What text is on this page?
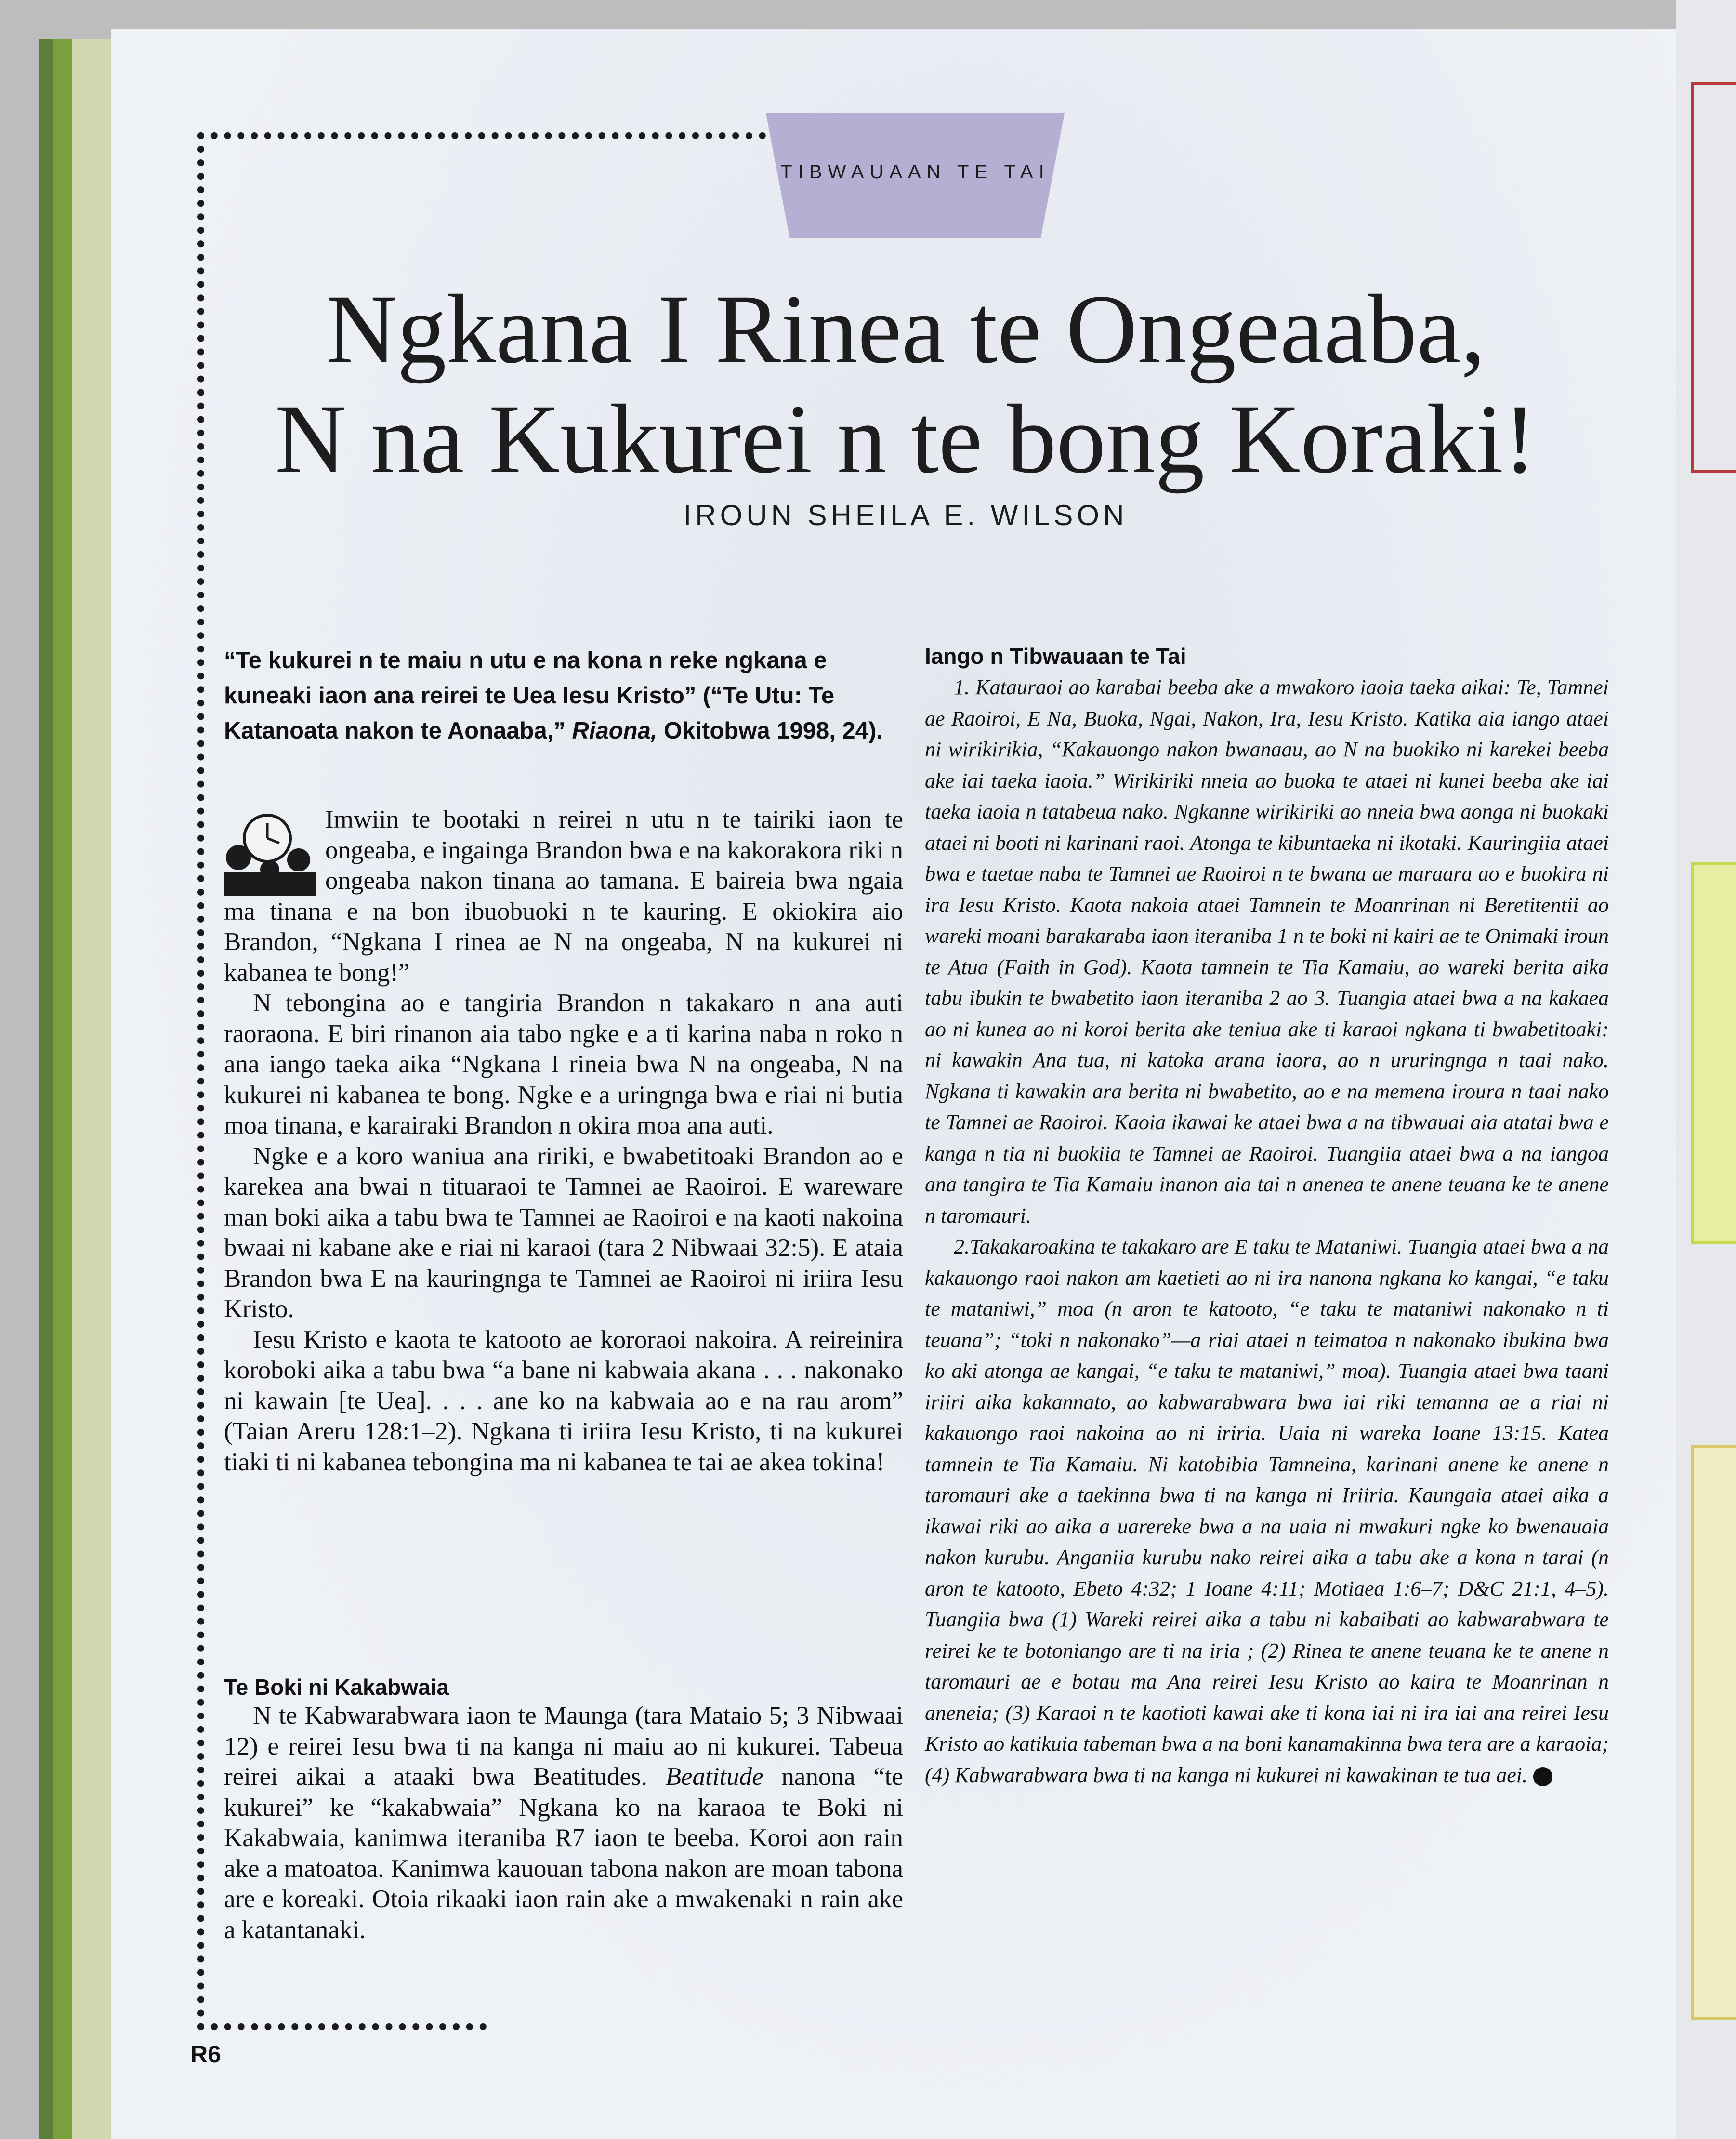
TIBWAUAAN TE TAI
Ngkana I Rinea te Ongeaaba,
N na Kukurei n te bong Koraki!
IROUN SHEILA E. WILSON

“Te kukurei n te maiu n utu e na kona n reke ngkana e kuneaki iaon ana reirei te Uea Iesu Kristo” (“Te Utu: Te Katanoata nakon te Aonaaba,” Riaona, Okitobwa 1998, 24).

Imwiin te bootaki n reirei n utu n te tairiki iaon te ongeaba, e ingainga Brandon bwa e na kakorakora riki n ongeaba nakon tinana ao tamana. E baireia bwa ngaia ma tinana e na bon ibuobuoki n te kauring. E okiokira aio Brandon, “Ngkana I rinea ae N na ongeaba, N na kukurei ni kabanea te bong!”

N tebongina ao e tangiria Brandon n takakaro n ana auti raoraona. E biri rinanon aia tabo ngke e a ti karina naba n roko n ana iango taeka aika “Ngkana I rineia bwa N na ongeaba, N na kukurei ni kabanea te bong. Ngke e a uringnga bwa e riai ni butia moa tinana, e karairaki Brandon n okira moa ana auti.

Ngke e a koro waniua ana ririki, e bwabetitoaki Brandon ao e karekea ana bwai n tituaraoi te Tamnei ae Raoiroi. E wareware man boki aika a tabu bwa te Tamnei ae Raoiroi e na kaoti nakoina bwaai ni kabane ake e riai ni karaoi (tara 2 Nibwaai 32:5). E ataia Brandon bwa E na kauringnga te Tamnei ae Raoiroi ni iriira Iesu Kristo.

Iesu Kristo e kaota te katooto ae kororaoi nakoira. A reireinira koroboki aika a tabu bwa “a bane ni kabwaia akana . . . nakonako ni kawain [te Uea]. . . . ane ko na kabwaia ao e na rau arom” (Taian Areru 128:1–2). Ngkana ti iriira Iesu Kristo, ti na kukurei tiaki ti ni kabanea tebongina ma ni kabanea te tai ae akea tokina!

Te Boki ni Kakabwaia

N te Kabwarabwara iaon te Maunga (tara Mataio 5; 3 Nibwaai 12) e reirei Iesu bwa ti na kanga ni maiu ao ni kukurei. Tabeua reirei aikai a ataaki bwa Beatitudes. Beatitude nanona “te kukurei” ke “kakabwaia” Ngkana ko na karaoa te Boki ni Kakabwaia, kanimwa iteraniba R7 iaon te beeba. Koroi aon rain ake a matoatoa. Kanimwa kauouan tabona nakon are moan tabona are e koreaki. Otoia rikaaki iaon rain ake a mwakenaki n rain ake a katantanaki.

Iango n Tibwauaan te Tai

1. Katauraoi ao karabai beeba ake a mwakoro iaoia taeka aikai: Te, Tamnei ae Raoiroi, E Na, Buoka, Ngai, Nakon, Ira, Iesu Kristo. Katika aia iango ataei ni wirikirikia, “Kakauongo nakon bwanaau, ao N na buokiko ni karekei beeba ake iai taeka iaoia.” Wirikiriki nneia ao buoka te ataei ni kunei beeba ake iai taeka iaoia n tatabeua nako. Ngkanne wirikiriki ao nneia bwa aonga ni buokaki ataei ni booti ni karinani raoi. Atonga te kibuntaeka ni ikotaki. Kauringiia ataei bwa e taetae naba te Tamnei ae Raoiroi n te bwana ae maraara ao e buokira ni ira Iesu Kristo. Kaota nakoia ataei Tamnein te Moanrinan ni Beretitentii ao wareki moani barakarabа iaon iteraniba 1 n te boki ni kairi ae te Onimaki iroun te Atua (Faith in God). Kaota tamnein te Tia Kamaiu, ao wareki berita aika tabu ibukin te bwabetito iaon iteraniba 2 ao 3. Tuangia ataei bwa a na kakaea ao ni kunea ao ni koroi berita ake teniua ake ti karaoi ngkana ti bwabetitoaki: ni kawakin Ana tua, ni katoka arana iaora, ao n ururingnga n taai nako. Ngkana ti kawakin ara berita ni bwabetito, ao e na memena iroura n taai nako te Tamnei ae Raoiroi. Kaoia ikawai ke ataei bwa a na tibwauai aia atatai bwa e kanga n tia ni buokiia te Tamnei ae Raoiroi. Tuangiia ataei bwa a na iangoa ana tangira te Tia Kamaiu inanon aia tai n anenea te anene teuana ke te anene n taromauri.

2.Takakaroakina te takakaro are E taku te Mataniwi. Tuangia ataei bwa a na kakauongo raoi nakon am kaetieti ao ni ira nanona ngkana ko kangai, “e taku te mataniwi,” moa (n aron te katooto, “e taku te mataniwi nakonako n ti teuana”; “toki n nakonako”—a riai ataei n teimatoa n nakonako ibukina bwa ko aki atonga ae kangai, “e taku te mataniwi,” moa). Tuangia ataei bwa taani iriiri aika kakannato, ao kabwarabwara bwa iai riki temanna ae a riai ni kakauongo raoi nakoina ao ni iriria. Uaia ni wareka Ioane 13:15. Katea tamnein te Tia Kamaiu. Ni katobibia Tamneina, karinani anene ke anene n taromauri ake a taekinna bwa ti na kanga ni Iriiria. Kaungaia ataei aika a ikawai riki ao aika a uarereke bwa a na uaia ni mwakuri ngke ko bwenauaia nakon kurubu. Anganiia kurubu nako reirei aika a tabu ake a kona n tarai (n aron te katooto, Ebeto 4:32; 1 Ioane 4:11; Motiaea 1:6–7; D&C 21:1, 4–5). Tuangiia bwa (1) Wareki reirei aika a tabu ni kabaibati ao kabwarabwara te reirei ke te botoniango are ti na iria ; (2) Rinea te anene teuana ke te anene n taromauri ae e botau ma Ana reirei Iesu Kristo ao kaira te Moanrinan n aneneia; (3) Karaoi n te kaotioti kawai ake ti kona iai ni ira iai ana reirei Iesu Kristo ao katikuia tabeman bwa a na boni kanamakinna bwa tera are a karaoia; (4) Kabwarabwara bwa ti na kanga ni kukurei ni kawakinan te tua aei.

R6
